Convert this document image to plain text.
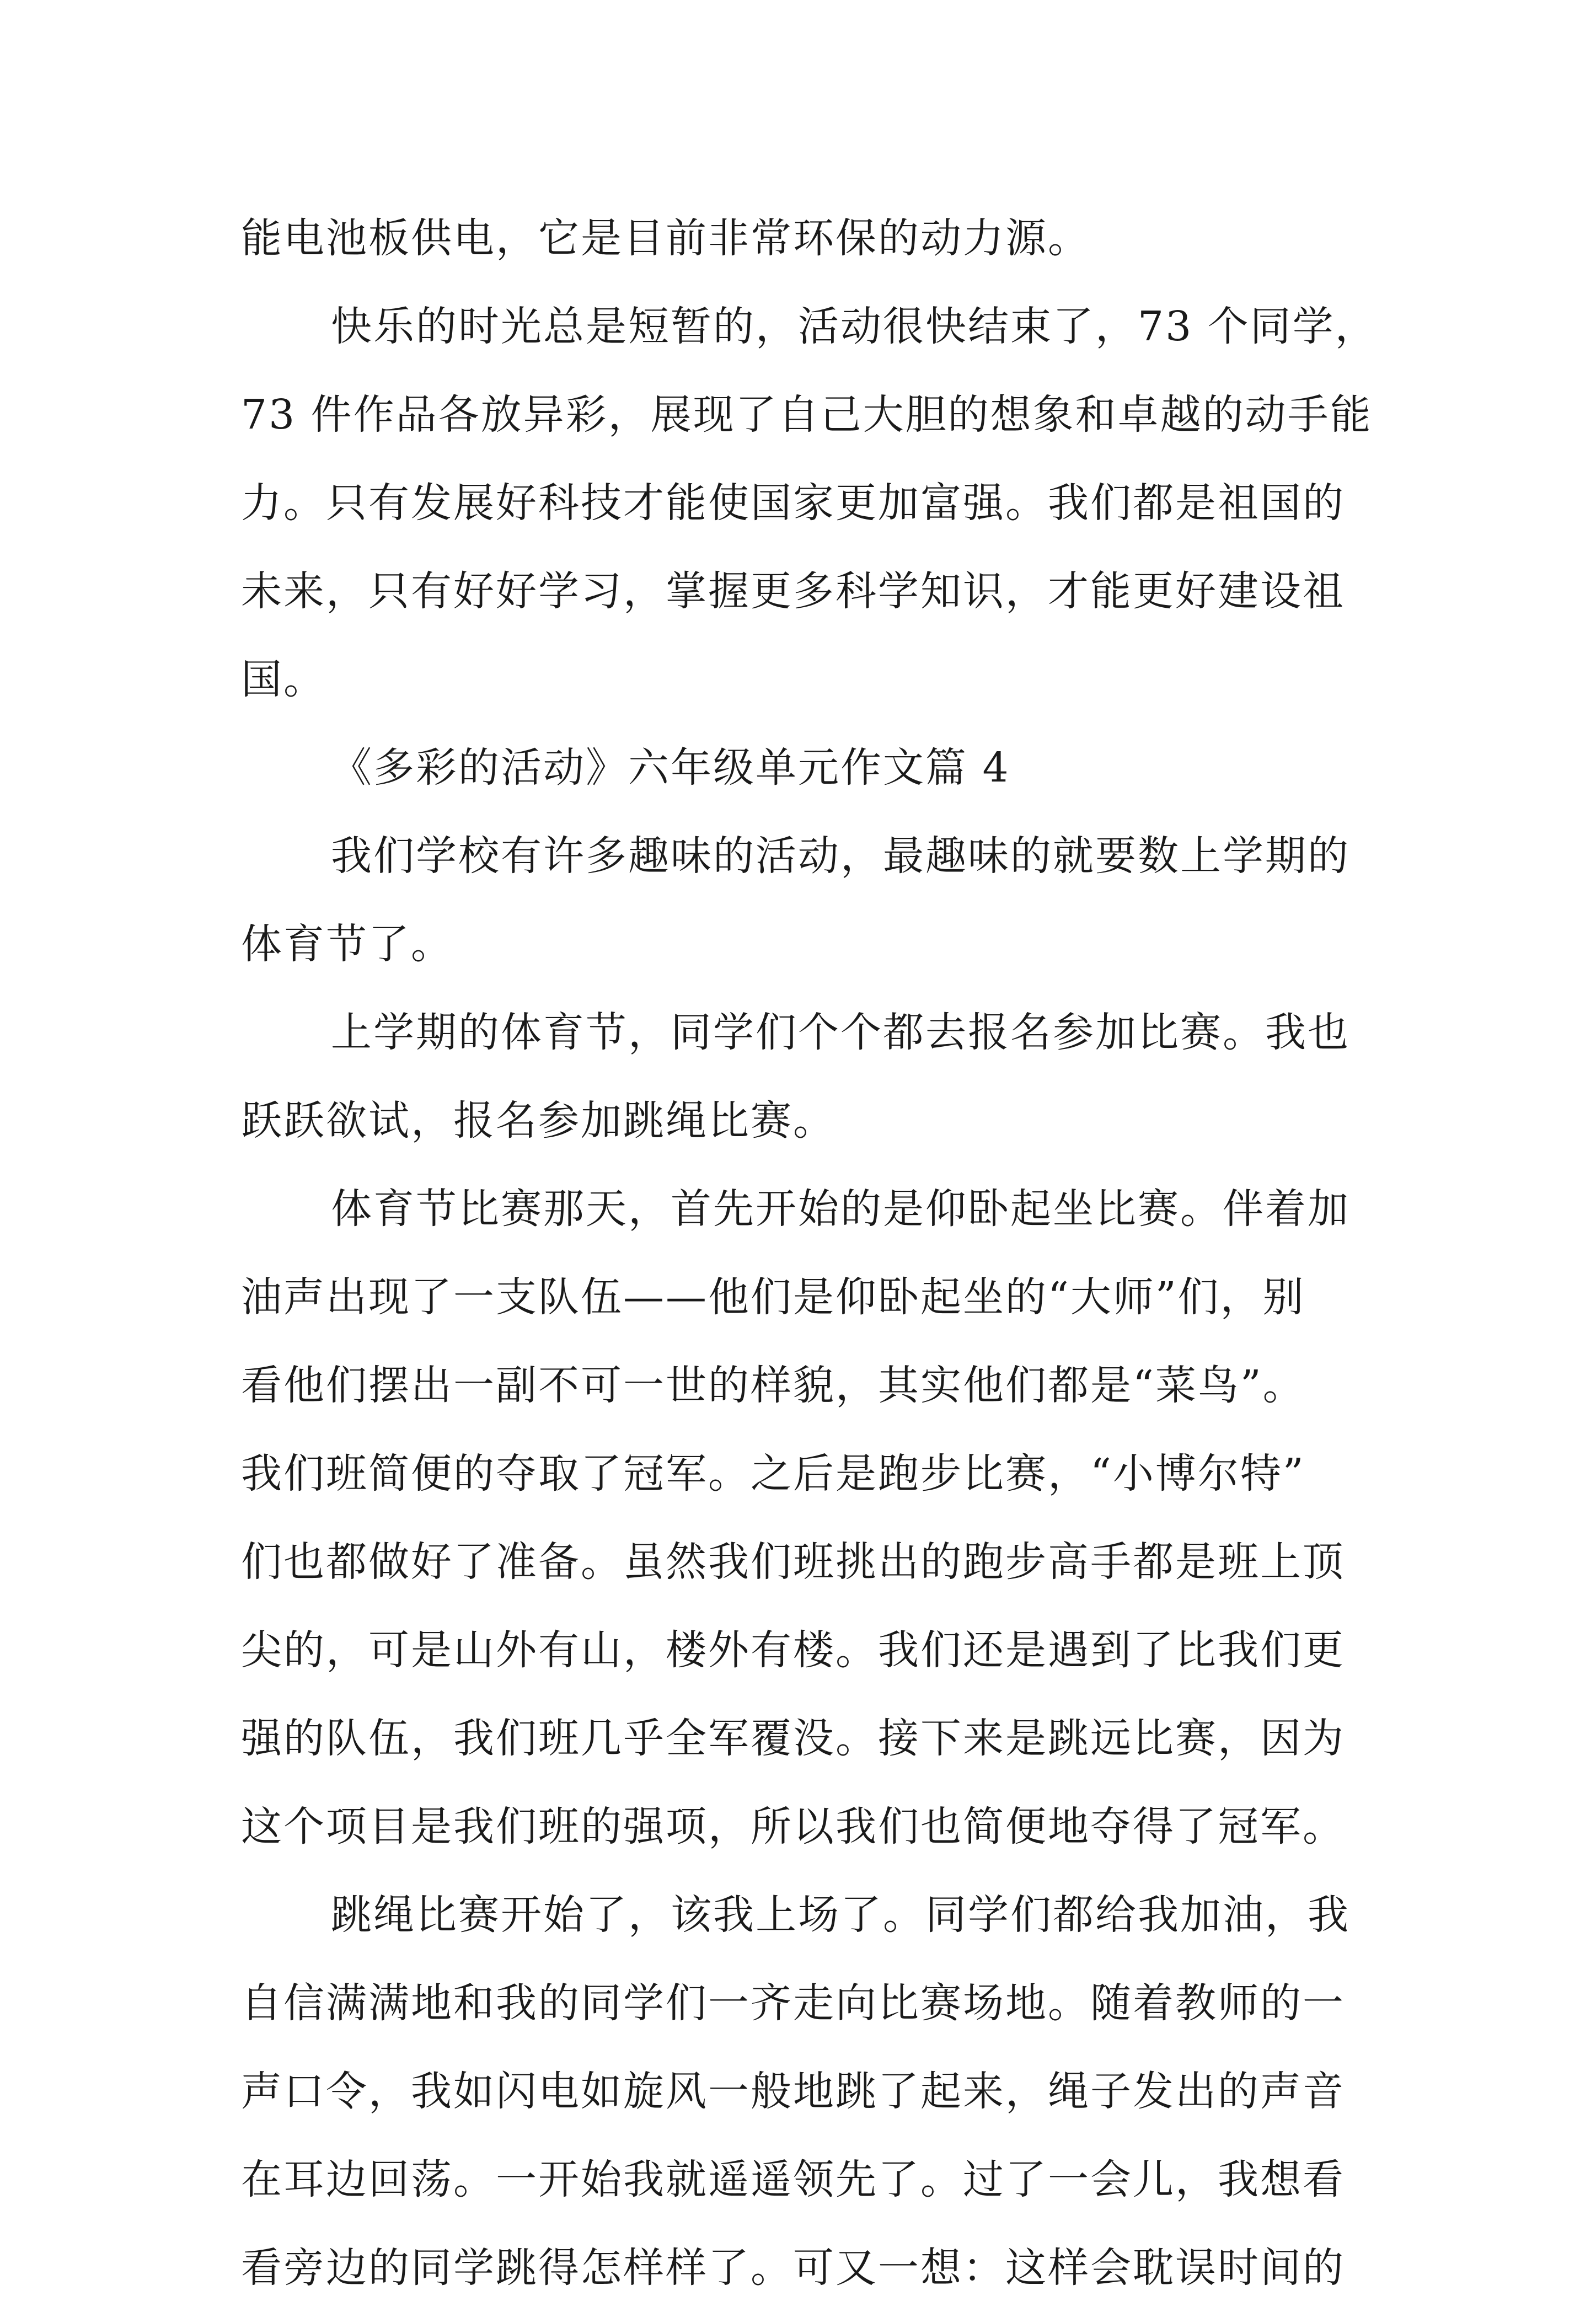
能电池板供电，它是目前非常环保的动力源。
快乐的时光总是短暂的，活动很快结束了，73 个同学，
73 件作品各放异彩，展现了自己大胆的想象和卓越的动手能
力。只有发展好科技才能使国家更加富强。我们都是祖国的
未来，只有好好学习，掌握更多科学知识，才能更好建设祖
国。
《多彩的活动》六年级单元作文篇 4
我们学校有许多趣味的活动，最趣味的就要数上学期的
体育节了。
上学期的体育节，同学们个个都去报名参加比赛。我也
跃跃欲试，报名参加跳绳比赛。
体育节比赛那天，首先开始的是仰卧起坐比赛。伴着加
油声出现了一支队伍——他们是仰卧起坐的“大师”们，别
看他们摆出一副不可一世的样貌，其实他们都是“菜鸟”。
我们班简便的夺取了冠军。之后是跑步比赛，“小博尔特”
们也都做好了准备。虽然我们班挑出的跑步高手都是班上顶
尖的，可是山外有山，楼外有楼。我们还是遇到了比我们更
强的队伍，我们班几乎全军覆没。接下来是跳远比赛，因为
这个项目是我们班的强项，所以我们也简便地夺得了冠军。
跳绳比赛开始了，该我上场了。同学们都给我加油，我
自信满满地和我的同学们一齐走向比赛场地。随着教师的一
声口令，我如闪电如旋风一般地跳了起来，绳子发出的声音
在耳边回荡。一开始我就遥遥领先了。过了一会儿，我想看
看旁边的同学跳得怎样样了。可又一想：这样会耽误时间的
